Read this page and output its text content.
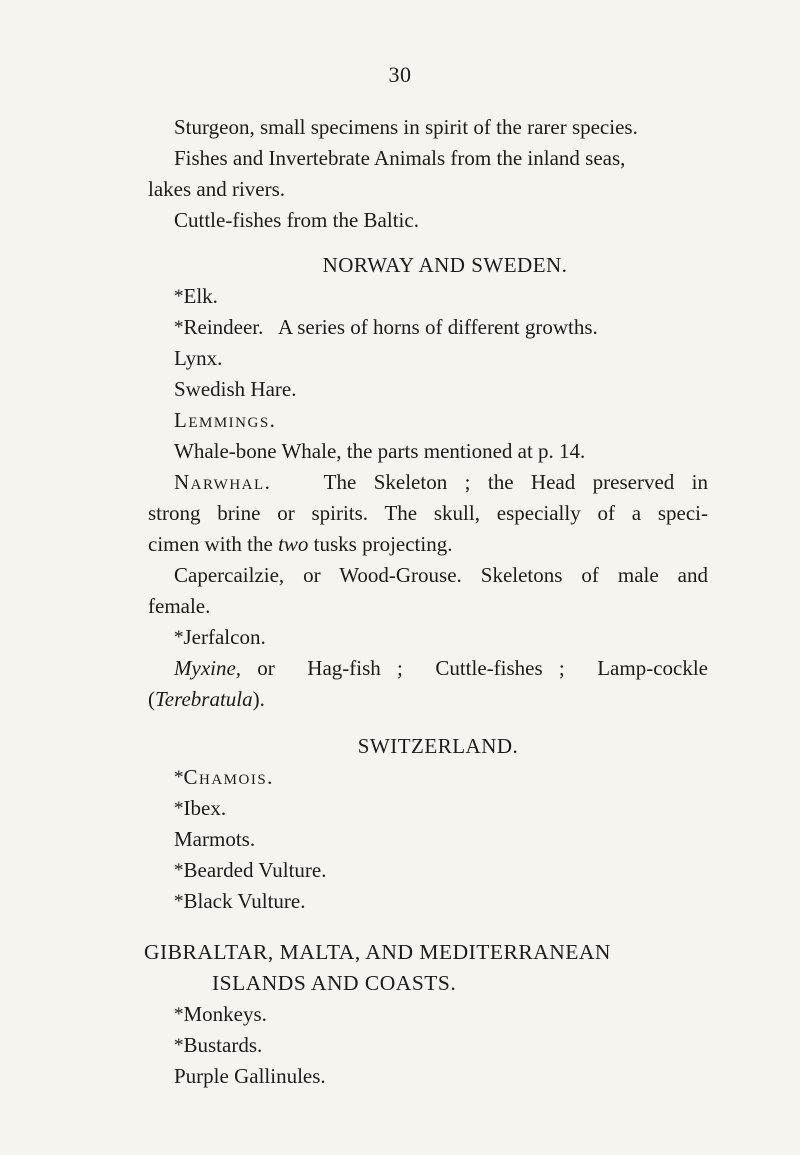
30
Sturgeon, small specimens in spirit of the rarer species.
Fishes and Invertebrate Animals from the inland seas,
lakes and rivers.
Cuttle-fishes from the Baltic.
NORWAY AND SWEDEN.
*Elk.
*Reindeer.   A series of horns of different growths.
Lynx.
Swedish Hare.
Lemmings.
Whale-bone Whale, the parts mentioned at p. 14.
Narwhal. The Skeleton ; the Head preserved in
strong brine or spirits. The skull, especially of a speci-
cimen with the two tusks projecting.
Capercailzie, or Wood-Grouse. Skeletons of male and
female.
*Jerfalcon.
Myxine, or  Hag-fish ;  Cuttle-fishes ;  Lamp-cockle
(Terebratula).
SWITZERLAND.
*Chamois.
*Ibex.
Marmots.
*Bearded Vulture.
*Black Vulture.
GIBRALTAR, MALTA, AND MEDITERRANEAN
ISLANDS AND COASTS.
*Monkeys.
*Bustards.
Purple Gallinules.
